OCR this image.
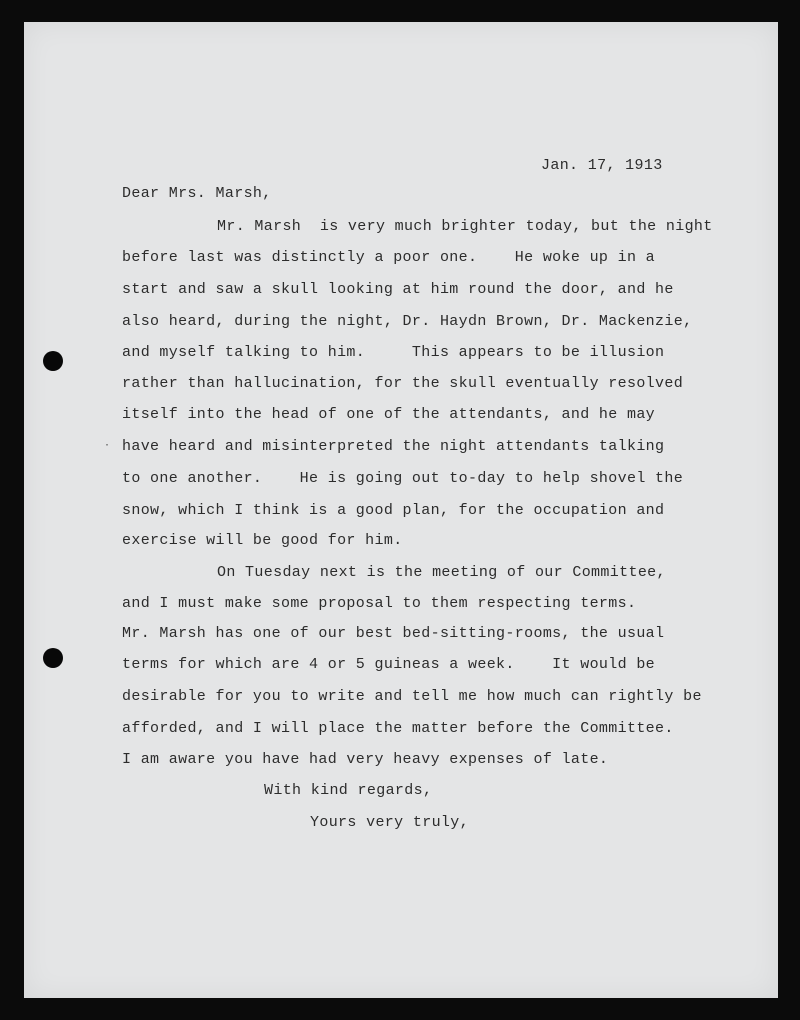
·
Jan. 17, 1913
Dear Mrs. Marsh,
Mr. Marsh  is very much brighter today, but the night
before last was distinctly a poor one.    He woke up in a
start and saw a skull looking at him round the door, and he
also heard, during the night, Dr. Haydn Brown, Dr. Mackenzie,
and myself talking to him.     This appears to be illusion
rather than hallucination, for the skull eventually resolved
itself into the head of one of the attendants, and he may
have heard and misinterpreted the night attendants talking
to one another.    He is going out to-day to help shovel the
snow, which I think is a good plan, for the occupation and
exercise will be good for him.
On Tuesday next is the meeting of our Committee,
and I must make some proposal to them respecting terms.
Mr. Marsh has one of our best bed-sitting-rooms, the usual
terms for which are 4 or 5 guineas a week.    It would be
desirable for you to write and tell me how much can rightly be
afforded, and I will place the matter before the Committee.
I am aware you have had very heavy expenses of late.
With kind regards,
Yours very truly,
